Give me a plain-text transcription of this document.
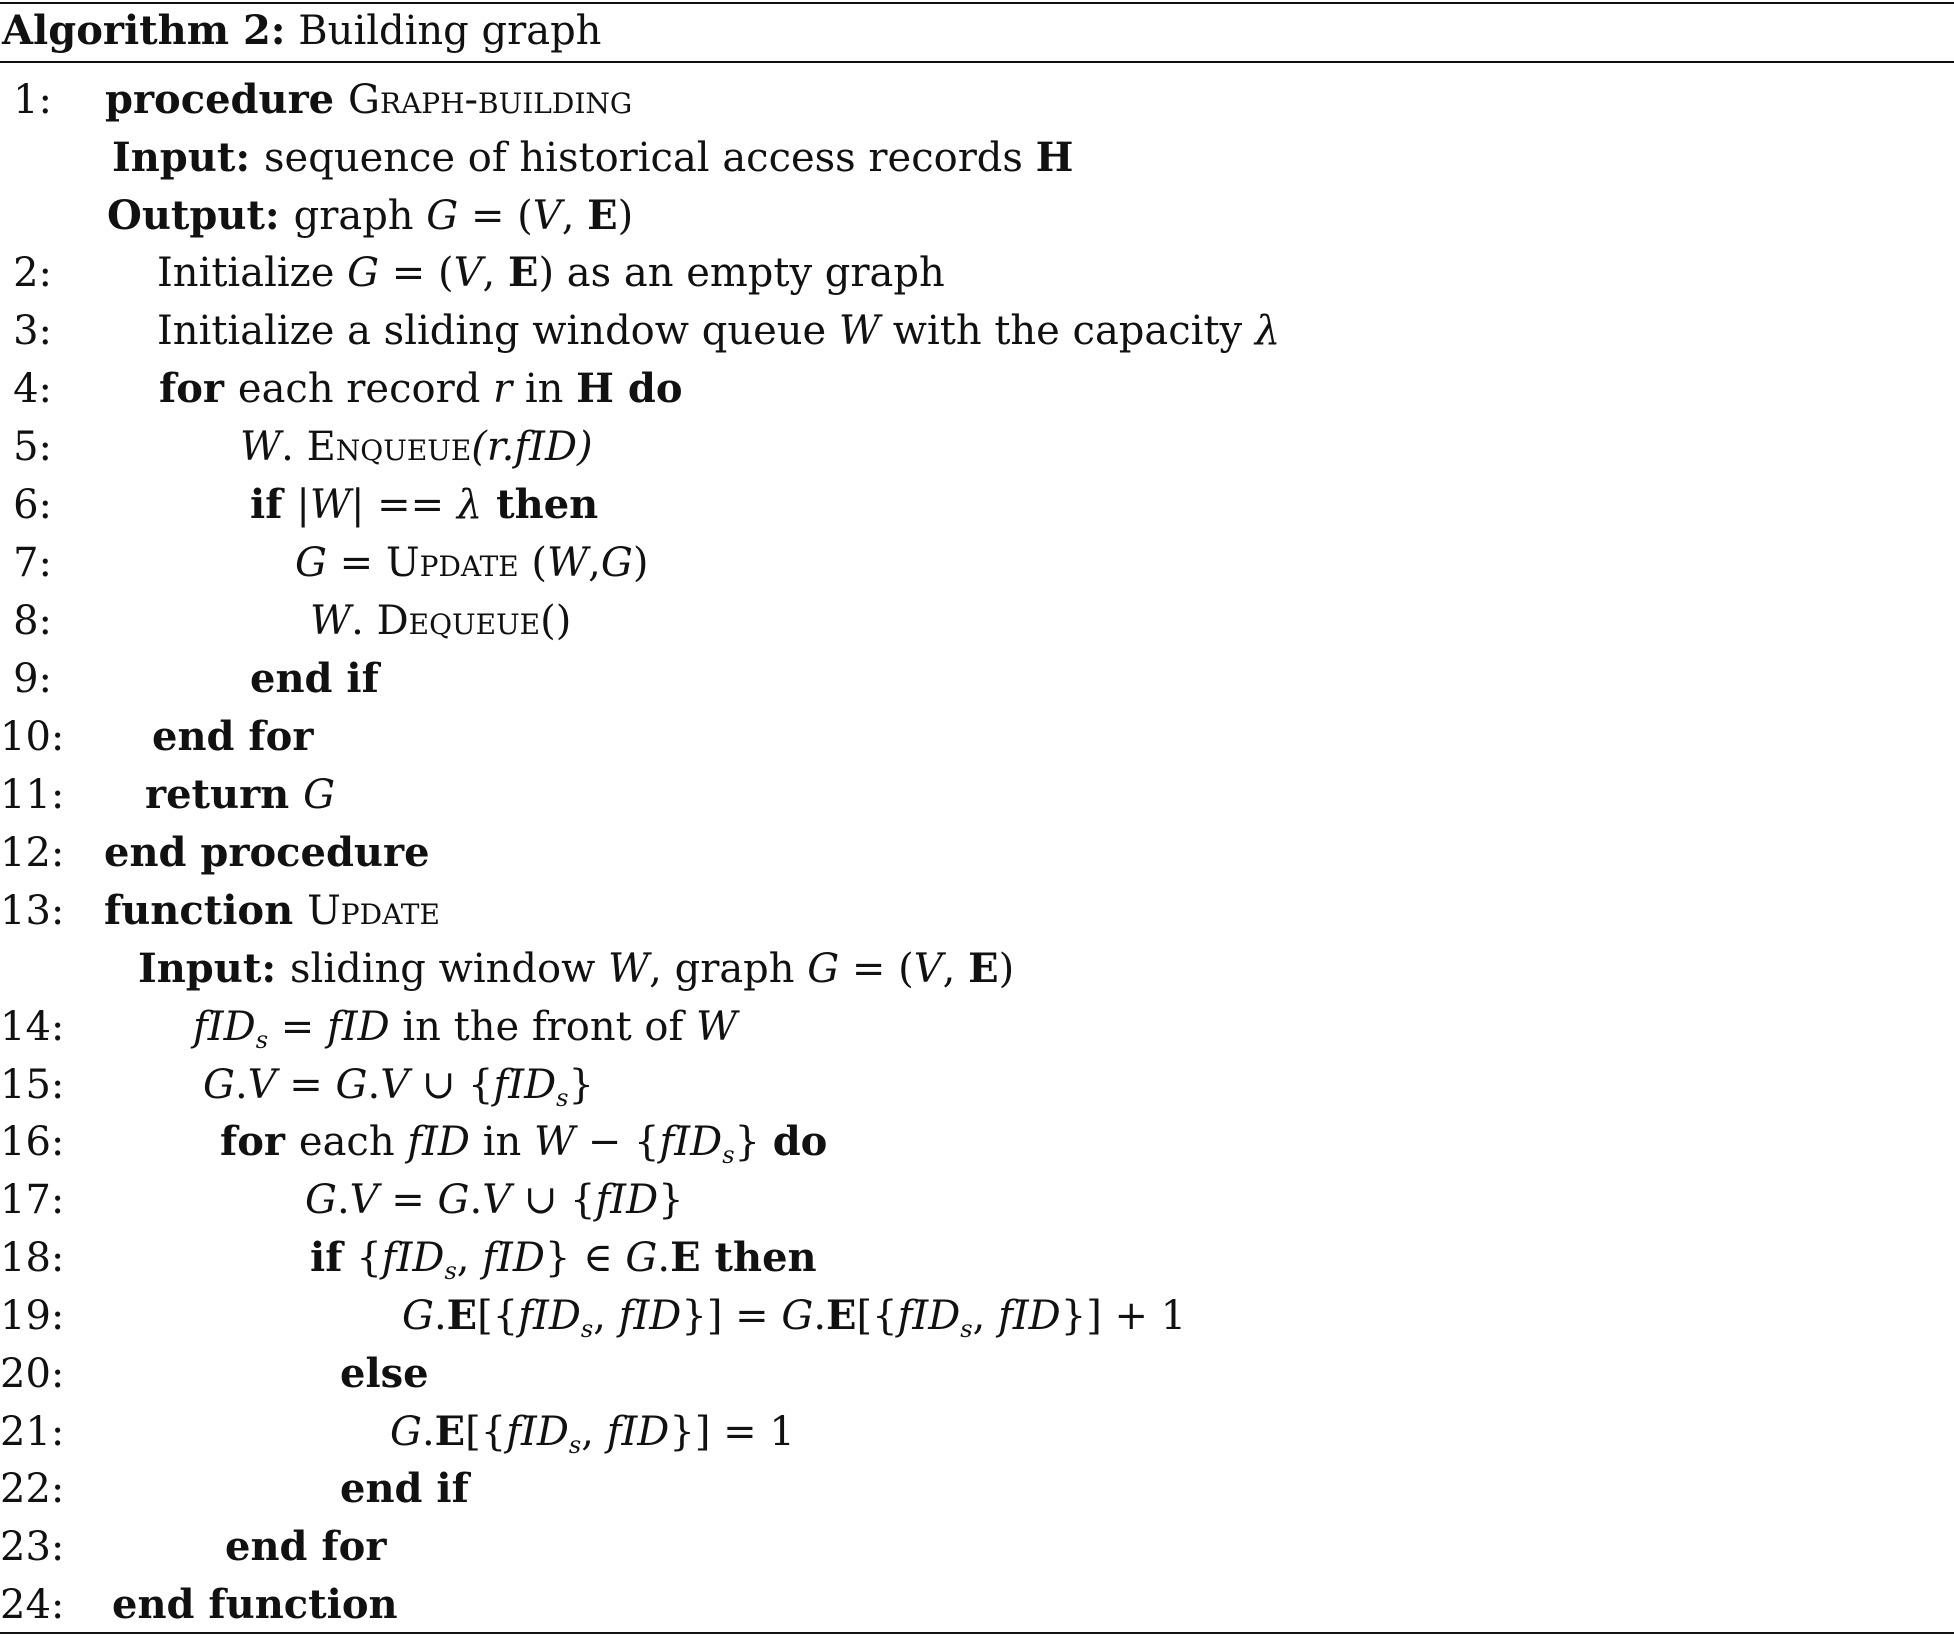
Algorithm 2: Building graph
1: procedure Graph-building
Input: sequence of historical access records H
Output: graph G = (V, E)
2:	Initialize G = (V, E) as an empty graph
3:	Initialize a sliding window queue W with the capacity λ
4:	for each record r in H do
5:	W. Enqueue(r.fID)
6:	if |W| == λ then
7:	G = Update (W,G)
8:	W. Dequeue()
9:	end if
10: end for
11: return G
12: end procedure
13: function Update
Input: sliding window W, graph G = (V, E)
14:	fID$_s$ = fID in the front of W
15:	G.V = G.V ∪ {fID$_s$}
16:	for each fID in W − {fID$_s$} do
17:	G.V = G.V ∪ {fID}
18:	if {fID$_s$, fID} ∈ G.E then
19:	G.E[{fID$_s$, fID}] = G.E[{fID$_s$, fID}] + 1
20:	else
21:	G.E[{fID$_s$, fID}] = 1
22:	end if
23:	end for
24: end function
